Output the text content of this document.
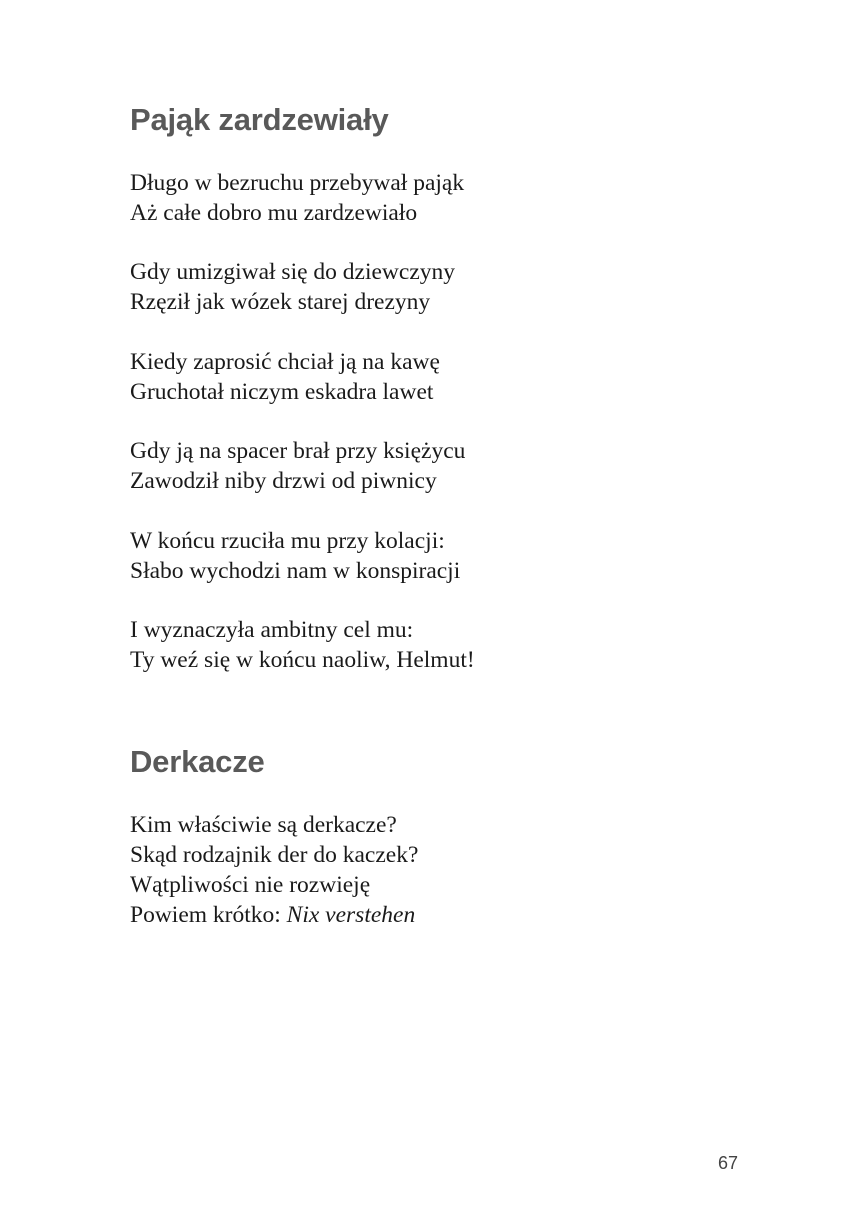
Pająk zardzewiały

Długo w bezruchu przebywał pająk

Aż całe dobro mu zardzewiało

Gdy umizgiwał się do dziewczyny

Rzęził jak wózek starej drezyny

Kiedy zaprosić chciał ją na kawę

Gruchotał niczym eskadra lawet

Gdy ją na spacer brał przy księżycu

Zawodził niby drzwi od piwnicy

W końcu rzuciła mu przy kolacji:

Słabo wychodzi nam w konspiracji

I wyznaczyła ambitny cel mu:

Ty weź się w końcu naoliw, Helmut!

Derkacze

Kim właściwie są derkacze?

Skąd rodzajnik der do kaczek?

Wątpliwości nie rozwieję

Powiem krótko: Nix verstehen

67
